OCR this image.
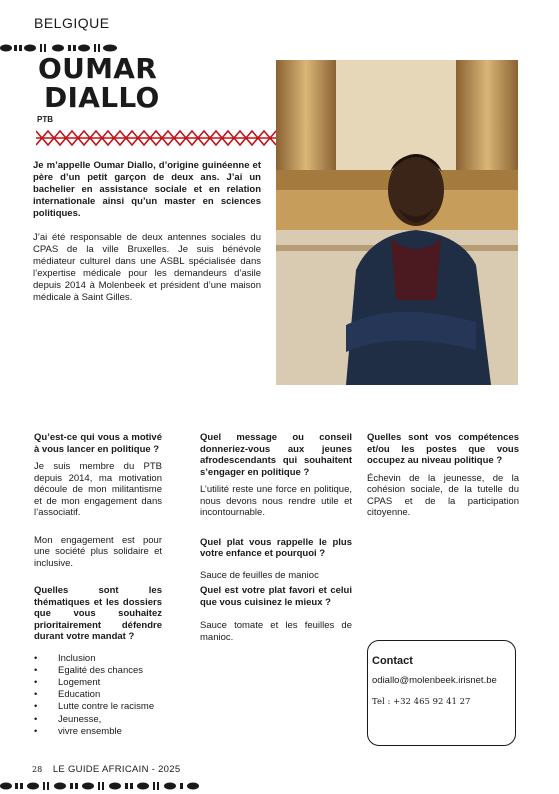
BELGIQUE
OUMAR
DIALLO
PTB

Je m’appelle Oumar Diallo, d’origine guinéenne et père d’un petit garçon de deux ans. J’ai un bachelier en assistance sociale et en relation internationale ainsi qu’un master en sciences politiques.

J’ai été responsable de deux antennes sociales du CPAS de la ville Bruxelles. Je suis bénévole médiateur culturel dans une ASBL spécialisée dans l’expertise médicale pour les demandeurs d’asile depuis 2014 à Molenbeek et président d’une maison médicale à Saint Gilles.

Qu’est-ce qui vous a motivé à vous lancer en politique ?

Je suis membre du PTB depuis 2014, ma motivation découle de mon militantisme et de mon engagement dans l’associatif.

Mon engagement est pour une société plus solidaire et inclusive.

Quelles sont les thématiques et les dossiers que vous souhaitez prioritairement défendre durant votre mandat ?

• Inclusion
• Egalité des chances
• Logement
• Education
• Lutte contre le racisme
• Jeunesse,
• vivre ensemble

Quel message ou conseil donneriez-vous aux jeunes afrodescendants qui souhaitent s’engager en politique ?

L’utilité reste une force en politique, nous devons nous rendre utile et incontournable.

Quel plat vous rappelle le plus votre enfance et pourquoi ?

Sauce de feuilles de manioc

Quel est votre plat favori et celui que vous cuisinez le mieux ?

Sauce tomate et les feuilles de manioc.

Quelles sont vos compétences et/ou les postes que vous occupez au niveau politique ?

Échevin de la jeunesse, de la cohésion sociale, de la tutelle du CPAS et de la participation citoyenne.

Contact
odiallo@molenbeek.irisnet.be
Tel : +32 465 92 41 27
28 LE GUIDE AFRICAIN - 2025
